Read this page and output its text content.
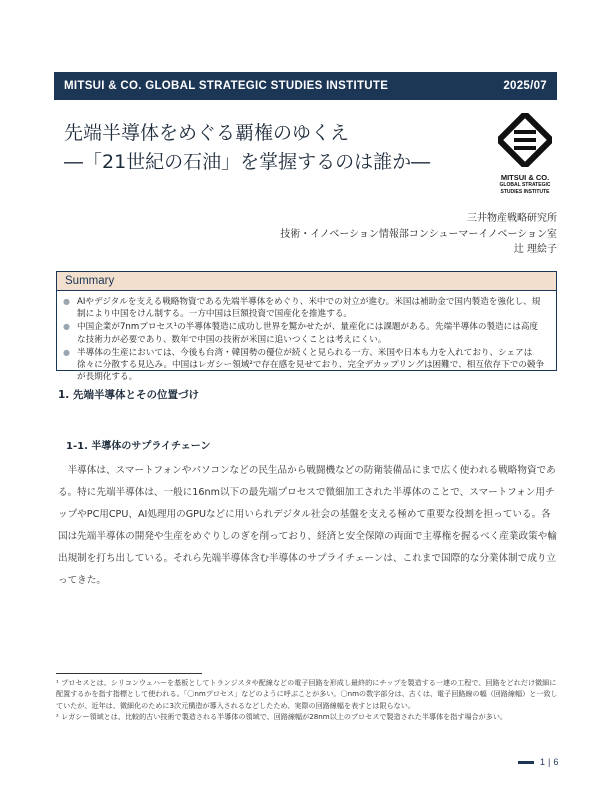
MITSUI & CO. GLOBAL STRATEGIC STUDIES INSTITUTE	2025/07
先端半導体をめぐる覇権のゆくえ
―「21世紀の石油」を掌握するのは誰か―
MITSUI & CO.
GLOBAL STRATEGIC
STUDIES INSTITUTE
三井物産戦略研究所
技術・イノベーション情報部コンシューマーイノベーション室
辻 理絵子
Summary
● AIやデジタルを支える戦略物資である先端半導体をめぐり、米中での対立が進む。米国は補助金で国内製造を強化し、規制により中国をけん制する。一方中国は巨額投資で国産化を推進する。
● 中国企業が7nmプロセス¹の半導体製造に成功し世界を驚かせたが、量産化には課題がある。先端半導体の製造には高度な技術力が必要であり、数年で中国の技術が米国に追いつくことは考えにくい。
● 半導体の生産においては、今後も台湾・韓国勢の優位が続くと見られる一方、米国や日本も力を入れており、シェアは徐々に分散する見込み。中国はレガシー領域²で存在感を見せており、完全デカップリングは困難で、相互依存下での競争が長期化する。
1. 先端半導体とその位置づけ
1-1. 半導体のサプライチェーン
半導体は、スマートフォンやパソコンなどの民生品から戦闘機などの防衛装備品にまで広く使われる戦略物資である。特に先端半導体は、一般に16nm以下の最先端プロセスで微細加工された半導体のことで、スマートフォン用チップやPC用CPU、AI処理用のGPUなどに用いられデジタル社会の基盤を支える極めて重要な役割を担っている。各国は先端半導体の開発や生産をめぐりしのぎを削っており、経済と安全保障の両面で主導権を握るべく産業政策や輸出規制を打ち出している。それら先端半導体含む半導体のサプライチェーンは、これまで国際的な分業体制で成り立ってきた。

¹ プロセスとは、シリコンウェハーを基板としてトランジスタや配線などの電子回路を形成し最終的にチップを製造する一連の工程で、回路をどれだけ微細に配置するかを指す指標として使われる。「〇nmプロセス」などのように呼ぶことが多い。〇nmの数字部分は、古くは、電子回路線の幅（回路線幅）と一致していたが、近年は、微細化のために3次元構造が導入されるなどしたため、実際の回路線幅を表すとは限らない。

² レガシー領域とは、比較的古い技術で製造される半導体の領域で、回路線幅が28nm以上のプロセスで製造された半導体を指す場合が多い。

1 | 6
